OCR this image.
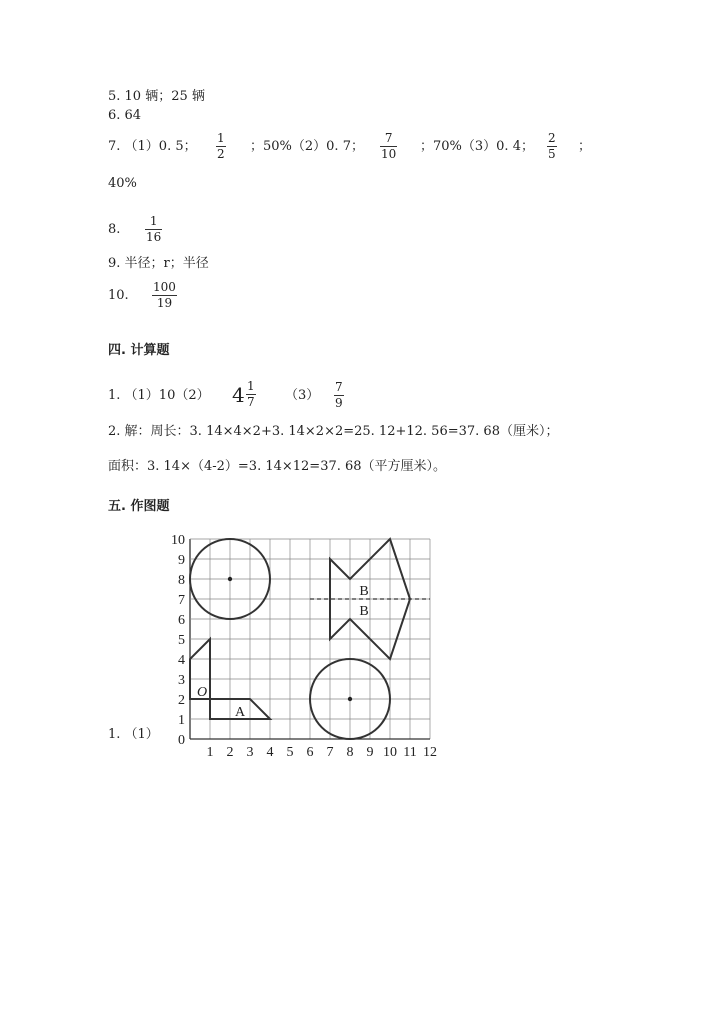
5. 10 辆；25 辆
6. 64
7. （1）0. 5；
1
2 ；50%（2）0. 7；
7
10 ；70%（3）0. 4；
2
5 ；
40%
8.
1
16
9. 半径；r；半径
10.
100
19
四. 计算题
1. （1）10（2） 4 1
7 （3）
7
9
2. 解：周长：3. 14×4×2+3. 14×2×2=25. 12+12. 56=37. 68（厘米）；
面积：3. 14×（4-2）=3. 14×12=37. 68（平方厘米）。
五. 作图题
1. （1）
A
O
B
B
1 2 3 4 5 6 7 8 9 10 11 12
0
1
2
3
4
5
6
7
8
9
10
